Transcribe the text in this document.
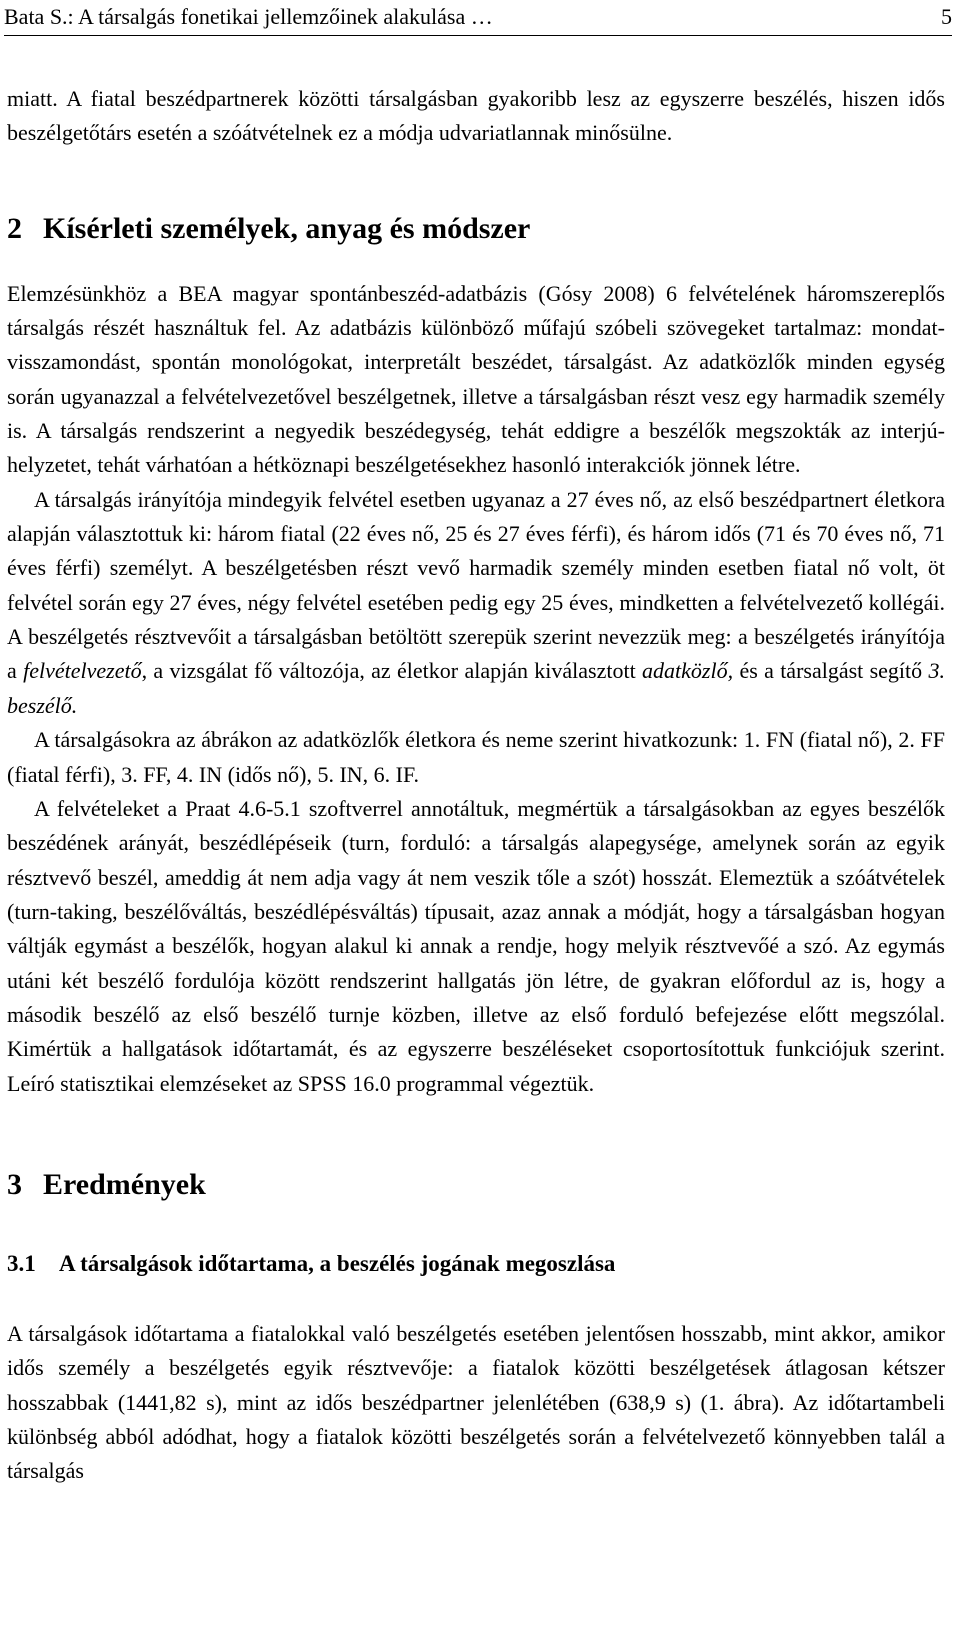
Bata S.: A társalgás fonetikai jellemzőinek alakulása …	5

miatt. A fiatal beszédpartnerek közötti társalgásban gyakoribb lesz az egyszerre beszélés, hiszen idős beszélgetőtárs esetén a szóátvételnek ez a módja udvariatlannak minősülne.

2 Kísérleti személyek, anyag és módszer

Elemzésünkhöz a BEA magyar spontánbeszéd-adatbázis (Gósy 2008) 6 felvételének háromszereplős társalgás részét használtuk fel. Az adatbázis különböző műfajú szóbeli szövegeket tartalmaz: mondat-visszamondást, spontán monológokat, interpretált beszédet, társalgást. Az adatközlők minden egység során ugyanazzal a felvételvezetővel beszélgetnek, illetve a társalgásban részt vesz egy harmadik személy is. A társalgás rendszerint a negyedik beszédegység, tehát eddigre a beszélők megszokták az interjú-helyzetet, tehát várhatóan a hétköznapi beszélgetésekhez hasonló interakciók jönnek létre.

A társalgás irányítója mindegyik felvétel esetben ugyanaz a 27 éves nő, az első beszédpartnert életkora alapján választottuk ki: három fiatal (22 éves nő, 25 és 27 éves férfi), és három idős (71 és 70 éves nő, 71 éves férfi) személyt. A beszélgetésben részt vevő harmadik személy minden esetben fiatal nő volt, öt felvétel során egy 27 éves, négy felvétel esetében pedig egy 25 éves, mindketten a felvételvezető kollégái. A beszélgetés résztvevőit a társalgásban betöltött szerepük szerint nevezzük meg: a beszélgetés irányítója a felvételvezető, a vizsgálat fő változója, az életkor alapján kiválasztott adatközlő, és a társalgást segítő 3. beszélő.

A társalgásokra az ábrákon az adatközlők életkora és neme szerint hivatkozunk: 1. FN (fiatal nő), 2. FF (fiatal férfi), 3. FF, 4. IN (idős nő), 5. IN, 6. IF.

A felvételeket a Praat 4.6-5.1 szoftverrel annotáltuk, megmértük a társalgásokban az egyes beszélők beszédének arányát, beszédlépéseik (turn, forduló: a társalgás alapegysége, amelynek során az egyik résztvevő beszél, ameddig át nem adja vagy át nem veszik tőle a szót) hosszát. Elemeztük a szóátvételek (turn-taking, beszélőváltás, beszédlépésváltás) típusait, azaz annak a módját, hogy a társalgásban hogyan váltják egymást a beszélők, hogyan alakul ki annak a rendje, hogy melyik résztvevőé a szó. Az egymás utáni két beszélő fordulója között rendszerint hallgatás jön létre, de gyakran előfordul az is, hogy a második beszélő az első beszélő turnje közben, illetve az első forduló befejezése előtt megszólal. Kimértük a hallgatások időtartamát, és az egyszerre beszéléseket csoportosítottuk funkciójuk szerint. Leíró statisztikai elemzéseket az SPSS 16.0 programmal végeztük.

3 Eredmények
3.1 A társalgások időtartama, a beszélés jogának megoszlása

A társalgások időtartama a fiatalokkal való beszélgetés esetében jelentősen hosszabb, mint akkor, amikor idős személy a beszélgetés egyik résztvevője: a fiatalok közötti beszélgetések átlagosan kétszer hosszabbak (1441,82 s), mint az idős beszédpartner jelenlétében (638,9 s) (1. ábra). Az időtartambeli különbség abból adódhat, hogy a fiatalok közötti beszélgetés során a felvételvezető könnyebben talál a társalgás
